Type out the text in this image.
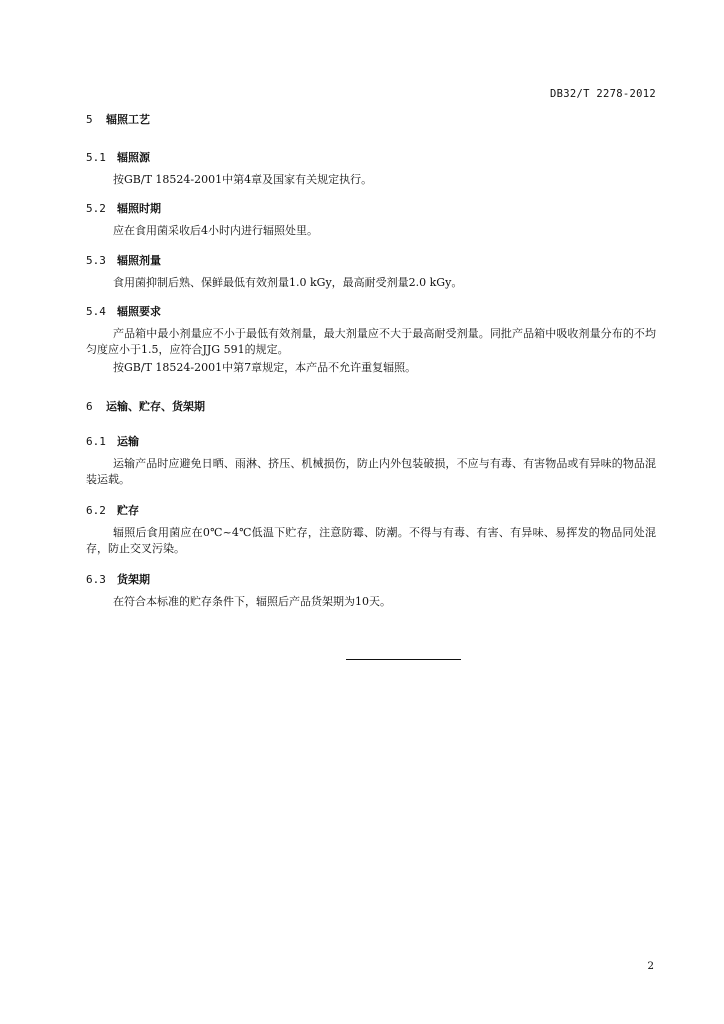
DB32/T 2278-2012
5 辐照工艺
5.1 辐照源
按GB/T 18524-2001中第4章及国家有关规定执行。
5.2 辐照时期
应在食用菌采收后4小时内进行辐照处里。
5.3 辐照剂量
食用菌抑制后熟、保鲜最低有效剂量1.0 kGy，最高耐受剂量2.0 kGy。
5.4 辐照要求
产品箱中最小剂量应不小于最低有效剂量，最大剂量应不大于最高耐受剂量。同批产品箱中吸收剂量分布的不均匀度应小于1.5，应符合JJG 591的规定。
按GB/T 18524-2001中第7章规定，本产品不允许重复辐照。
6 运输、贮存、货架期
6.1 运输
运输产品时应避免日晒、雨淋、挤压、机械损伤，防止内外包装破损，不应与有毒、有害物品或有异味的物品混装运载。
6.2 贮存
辐照后食用菌应在0℃~4℃低温下贮存，注意防霉、防潮。不得与有毒、有害、有异味、易挥发的物品同处混存，防止交叉污染。
6.3 货架期
在符合本标准的贮存条件下，辐照后产品货架期为10天。
2
